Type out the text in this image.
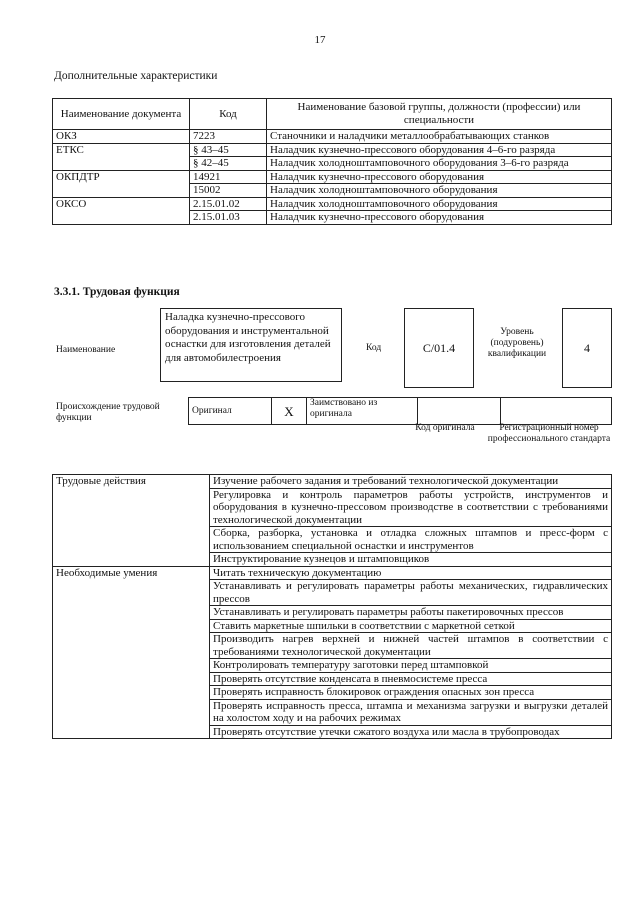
17
Дополнительные характеристики
Наименование документа	Код	Наименование базовой группы, должности (профессии) или специальности
ОКЗ	7223	Станочники и наладчики металлообрабатывающих станков
ЕТКС	§ 43–45	Наладчик кузнечно-прессового оборудования 4–6-го разряда
	§ 42–45	Наладчик холодноштамповочного оборудования 3–6-го разряда
ОКПДТР	14921	Наладчик кузнечно-прессового оборудования
	15002	Наладчик холодноштамповочного оборудования
ОКСО	2.15.01.02	Наладчик холодноштамповочного оборудования
	2.15.01.03	Наладчик кузнечно-прессового оборудования
3.3.1. Трудовая функция
Наименование
Наладка кузнечно-прессового оборудования и инструментальной оснастки для изготовления деталей для автомобилестроения
Код	С/01.4
Уровень (подуровень) квалификации	4
Происхождение трудовой функции
Оригинал	X	Заимствовано из оригинала		
Код оригинала	Регистрационный номер профессионального стандарта
Трудовые действия	Изучение рабочего задания и требований технологической документации
	Регулировка и контроль параметров работы устройств, инструментов и оборудования в кузнечно-прессовом производстве в соответствии с требованиями технологической документации
	Сборка, разборка, установка и отладка сложных штампов и пресс-форм с использованием специальной оснастки и инструментов
	Инструктирование кузнецов и штамповщиков
Необходимые умения	Читать техническую документацию
	Устанавливать и регулировать параметры работы механических, гидравлических прессов
	Устанавливать и регулировать параметры работы пакетировочных прессов
	Ставить маркетные шпильки в соответствии с маркетной сеткой
	Производить нагрев верхней и нижней частей штампов в соответствии с требованиями технологической документации
	Контролировать температуру заготовки перед штамповкой
	Проверять отсутствие конденсата в пневмосистеме пресса
	Проверять исправность блокировок ограждения опасных зон пресса
	Проверять исправность пресса, штампа и механизма загрузки и выгрузки деталей на холостом ходу и на рабочих режимах
	Проверять отсутствие утечки сжатого воздуха или масла в трубопроводах
